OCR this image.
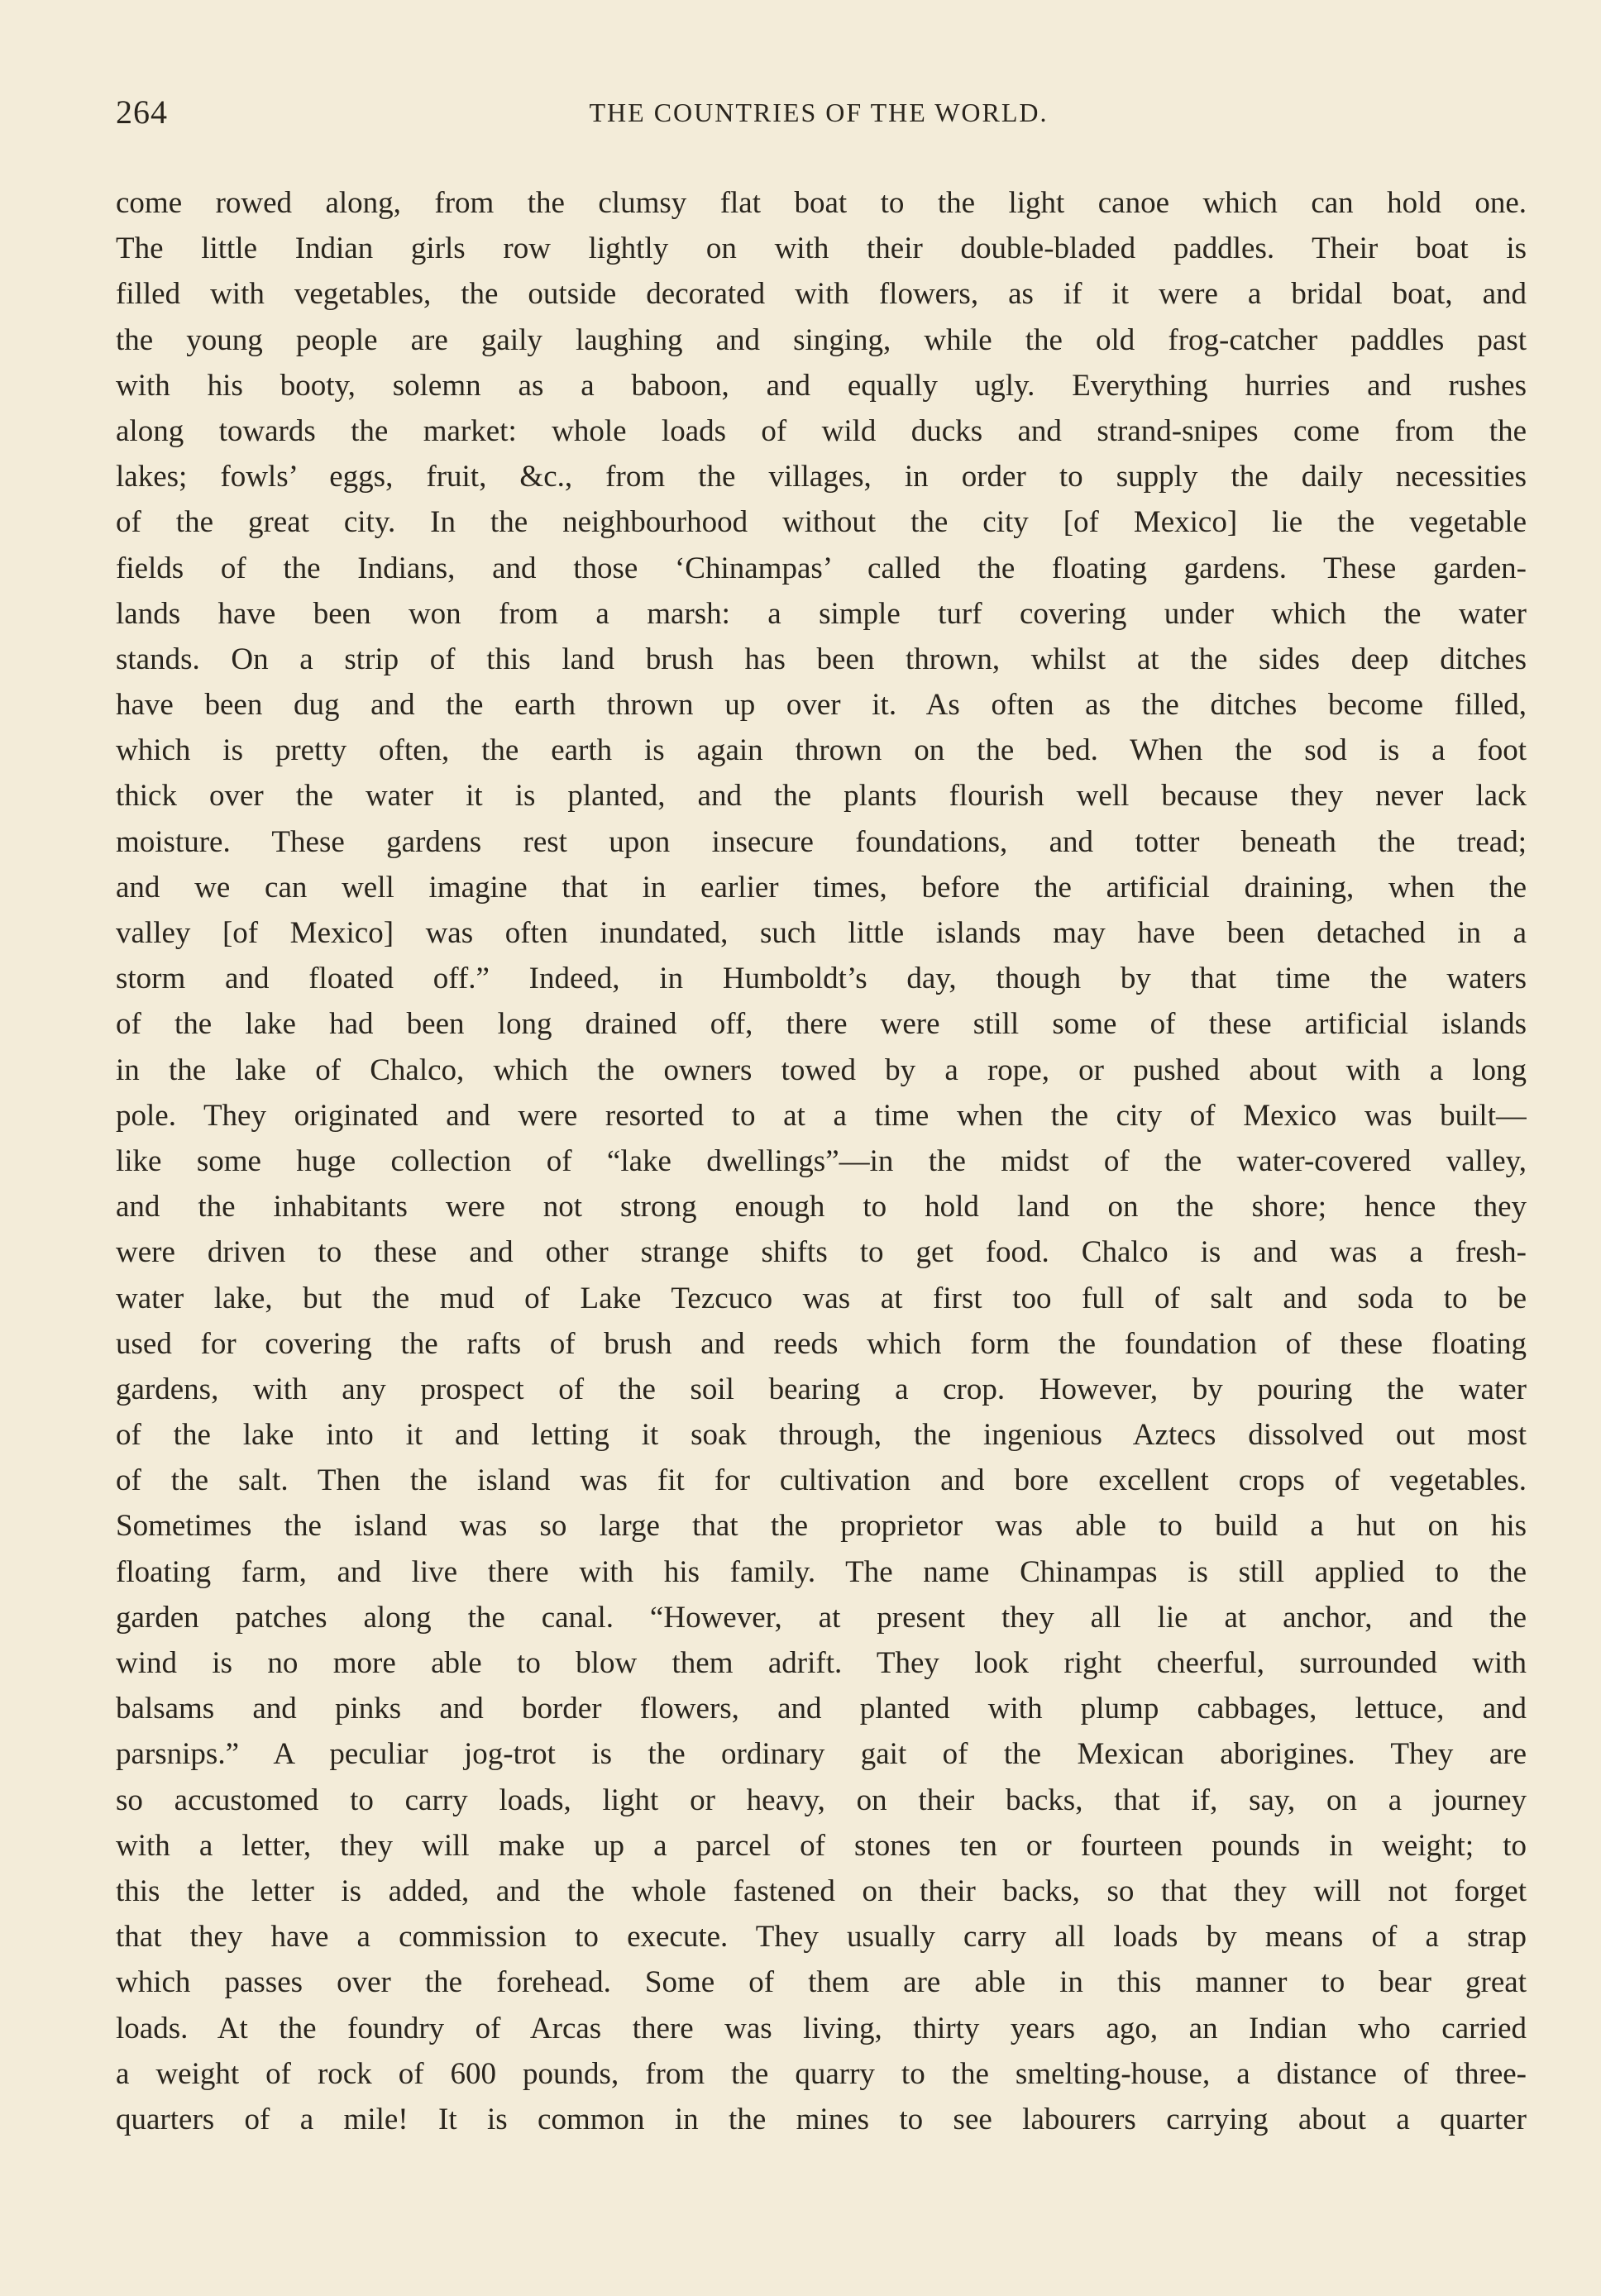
264	THE COUNTRIES OF THE WORLD.
come rowed along, from the clumsy flat boat to the light canoe which can hold one.
The little Indian girls row lightly on with their double-bladed paddles. Their boat is
filled with vegetables, the outside decorated with flowers, as if it were a bridal boat, and
the young people are gaily laughing and singing, while the old frog-catcher paddles past
with his booty, solemn as a baboon, and equally ugly. Everything hurries and rushes
along towards the market: whole loads of wild ducks and strand-snipes come from the
lakes; fowls’ eggs, fruit, &c., from the villages, in order to supply the daily necessities
of the great city. In the neighbourhood without the city [of Mexico] lie the vegetable
fields of the Indians, and those ‘Chinampas’ called the floating gardens. These garden-
lands have been won from a marsh: a simple turf covering under which the water
stands. On a strip of this land brush has been thrown, whilst at the sides deep ditches
have been dug and the earth thrown up over it. As often as the ditches become filled,
which is pretty often, the earth is again thrown on the bed. When the sod is a foot
thick over the water it is planted, and the plants flourish well because they never lack
moisture. These gardens rest upon insecure foundations, and totter beneath the tread;
and we can well imagine that in earlier times, before the artificial draining, when the
valley [of Mexico] was often inundated, such little islands may have been detached in a
storm and floated off.” Indeed, in Humboldt’s day, though by that time the waters
of the lake had been long drained off, there were still some of these artificial islands
in the lake of Chalco, which the owners towed by a rope, or pushed about with a long
pole. They originated and were resorted to at a time when the city of Mexico was built—
like some huge collection of “lake dwellings”—in the midst of the water-covered valley,
and the inhabitants were not strong enough to hold land on the shore; hence they
were driven to these and other strange shifts to get food. Chalco is and was a fresh-
water lake, but the mud of Lake Tezcuco was at first too full of salt and soda to be
used for covering the rafts of brush and reeds which form the foundation of these floating
gardens, with any prospect of the soil bearing a crop. However, by pouring the water
of the lake into it and letting it soak through, the ingenious Aztecs dissolved out most
of the salt. Then the island was fit for cultivation and bore excellent crops of vegetables.
Sometimes the island was so large that the proprietor was able to build a hut on his
floating farm, and live there with his family. The name Chinampas is still applied to the
garden patches along the canal. “However, at present they all lie at anchor, and the
wind is no more able to blow them adrift. They look right cheerful, surrounded with
balsams and pinks and border flowers, and planted with plump cabbages, lettuce, and
parsnips.” A peculiar jog-trot is the ordinary gait of the Mexican aborigines. They are
so accustomed to carry loads, light or heavy, on their backs, that if, say, on a journey
with a letter, they will make up a parcel of stones ten or fourteen pounds in weight; to
this the letter is added, and the whole fastened on their backs, so that they will not forget
that they have a commission to execute. They usually carry all loads by means of a strap
which passes over the forehead. Some of them are able in this manner to bear great
loads. At the foundry of Arcas there was living, thirty years ago, an Indian who carried
a weight of rock of 600 pounds, from the quarry to the smelting-house, a distance of three-
quarters of a mile! It is common in the mines to see labourers carrying about a quarter
